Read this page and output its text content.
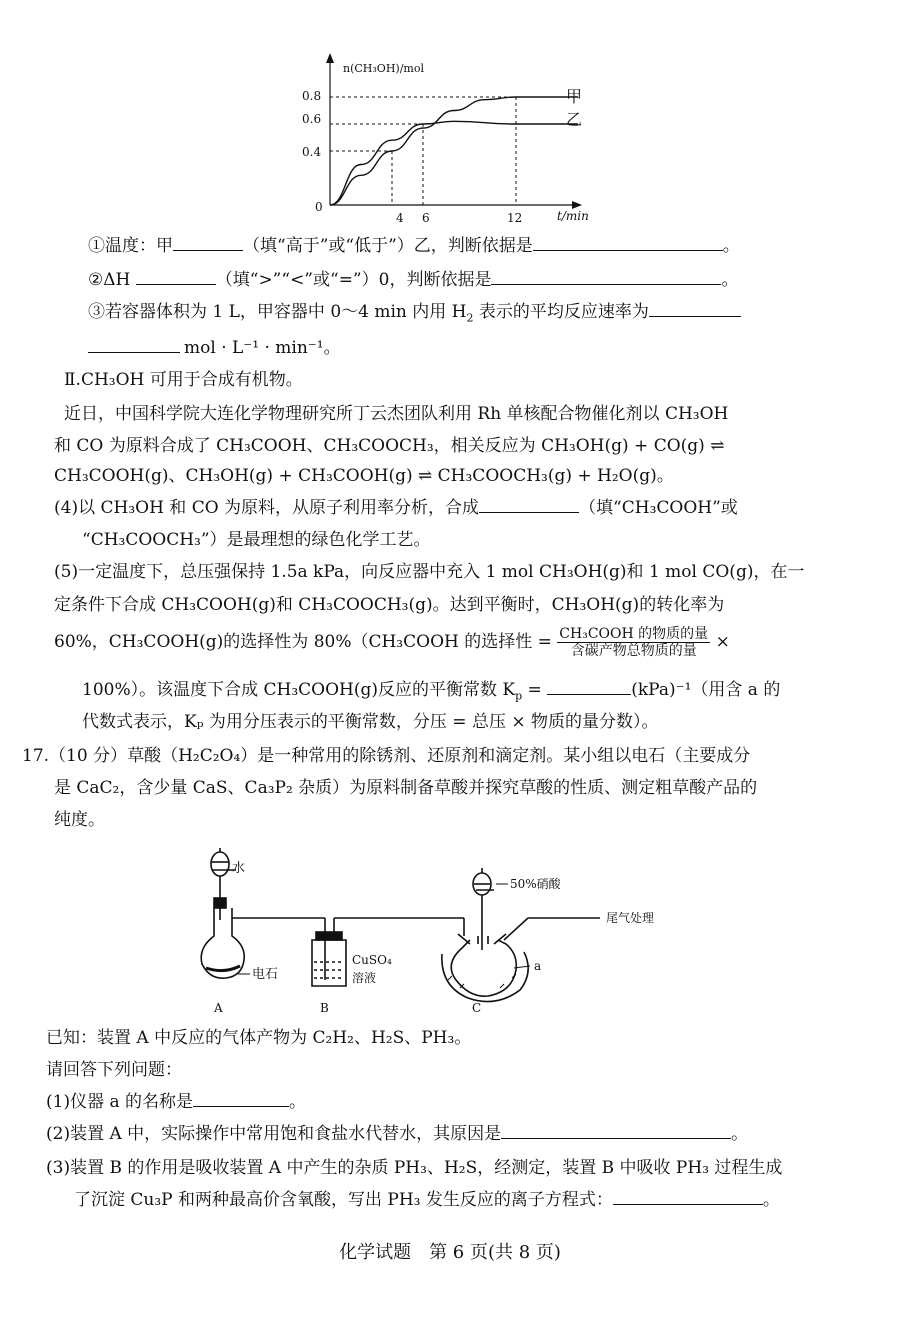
n(CH₃OH)/mol
t/min
0
0.8
0.6
0.4
4 6	12
甲
乙
①温度：甲	（填“高于”或“低于”）乙，判断依据是	。
②ΔH	（填“>”“<”或“=”）0，判断依据是	。
③若容器体积为 1 L，甲容器中 0～4 min 内用 $H_2$ 表示的平均反应速率为
mol · L⁻¹ · min⁻¹。
Ⅱ.CH₃OH 可用于合成有机物。
近日，中国科学院大连化学物理研究所丁云杰团队利用 Rh 单核配合物催化剂以 CH₃OH
和 CO 为原料合成了 CH₃COOH、CH₃COOCH₃，相关反应为 CH₃OH(g) + CO(g) ⇌
CH₃COOH(g)、CH₃OH(g) + CH₃COOH(g) ⇌ CH₃COOCH₃(g) + H₂O(g)。
(4)以 CH₃OH 和 CO 为原料，从原子利用率分析，合成	（填“CH₃COOH”或
“CH₃COOCH₃”）是最理想的绿色化学工艺。
(5)一定温度下，总压强保持 1.5a kPa，向反应器中充入 1 mol CH₃OH(g)和 1 mol CO(g)，在一
定条件下合成 CH₃COOH(g)和 CH₃COOCH₃(g)。达到平衡时，CH₃OH(g)的转化率为
60%，CH₃COOH(g)的选择性为 80%（CH₃COOH 的选择性 = $\frac{\text{CH₃COOH 的物质的量}}{\text{含碳产物总物质的量}}$ ×
100%）。该温度下合成 CH₃COOH(g)反应的平衡常数 $K_p$ =	(kPa)⁻¹（用含 a 的
代数式表示，Kₚ 为用分压表示的平衡常数，分压 = 总压 × 物质的量分数）。
17.（10 分）草酸（H₂C₂O₄）是一种常用的除锈剂、还原剂和滴定剂。某小组以电石（主要成分
是 CaC₂，含少量 CaS、Ca₃P₂ 杂质）为原料制备草酸并探究草酸的性质、测定粗草酸产品的
纯度。
水
电石
CuSO₄
溶液
50%硝酸
尾气处理
a
A	B	C
已知：装置 A 中反应的气体产物为 C₂H₂、H₂S、PH₃。
请回答下列问题：
(1)仪器 a 的名称是	。
(2)装置 A 中，实际操作中常用饱和食盐水代替水，其原因是	。
(3)装置 B 的作用是吸收装置 A 中产生的杂质 PH₃、H₂S，经测定，装置 B 中吸收 PH₃ 过程生成
了沉淀 Cu₃P 和两种最高价含氧酸，写出 PH₃ 发生反应的离子方程式：	。
化学试题　第 6 页(共 8 页)
